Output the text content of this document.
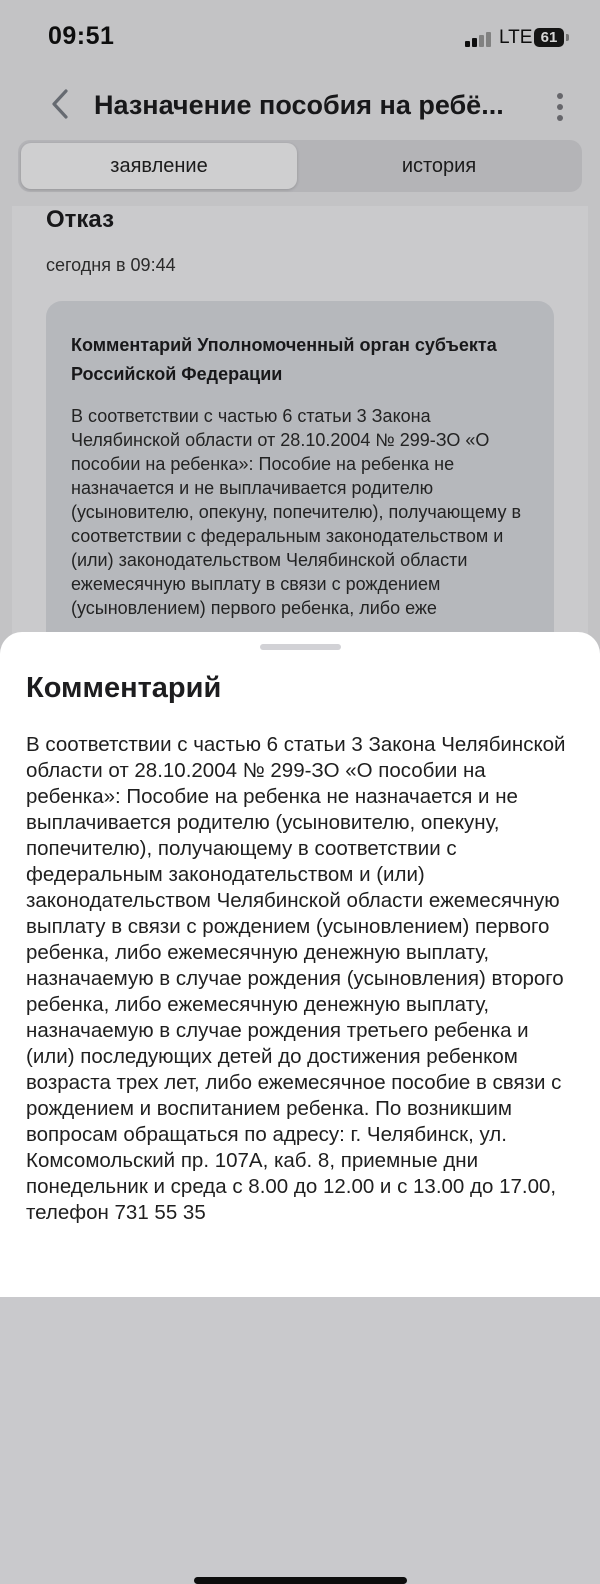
09:51	LTE 61
Назначение пособия на ребё...
заявление	история
Отказ
сегодня в 09:44
Комментарий Уполномоченный орган субъекта Российской Федерации
В соответствии с частью 6 статьи 3 Закона Челябинской области от 28.10.2004 № 299-ЗО «О пособии на ребенка»: Пособие на ребенка не назначается и не выплачивается родителю (усыновителю, опекуну, попечителю), получающему в соответствии с федеральным законодательством и (или) законодательством Челябинской области ежемесячную выплату в связи с рождением (усыновлением) первого ребенка, либо еже
Комментарий
В соответствии с частью 6 статьи 3 Закона Челябинской области от 28.10.2004 № 299-ЗО «О пособии на ребенка»: Пособие на ребенка не назначается и не выплачивается родителю (усыновителю, опекуну, попечителю), получающему в соответствии с федеральным законодательством и (или) законодательством Челябинской области ежемесячную выплату в связи с рождением (усыновлением) первого ребенка, либо ежемесячную денежную выплату, назначаемую в случае рождения (усыновления) второго ребенка, либо ежемесячную денежную выплату, назначаемую в случае рождения третьего ребенка и (или) последующих детей до достижения ребенком возраста трех лет, либо ежемесячное пособие в связи с рождением и воспитанием ребенка. По возникшим вопросам обращаться по адресу: г. Челябинск, ул. Комсомольский пр. 107А, каб. 8, приемные дни понедельник и среда с 8.00 до 12.00 и с 13.00 до 17.00, телефон 731 55 35
